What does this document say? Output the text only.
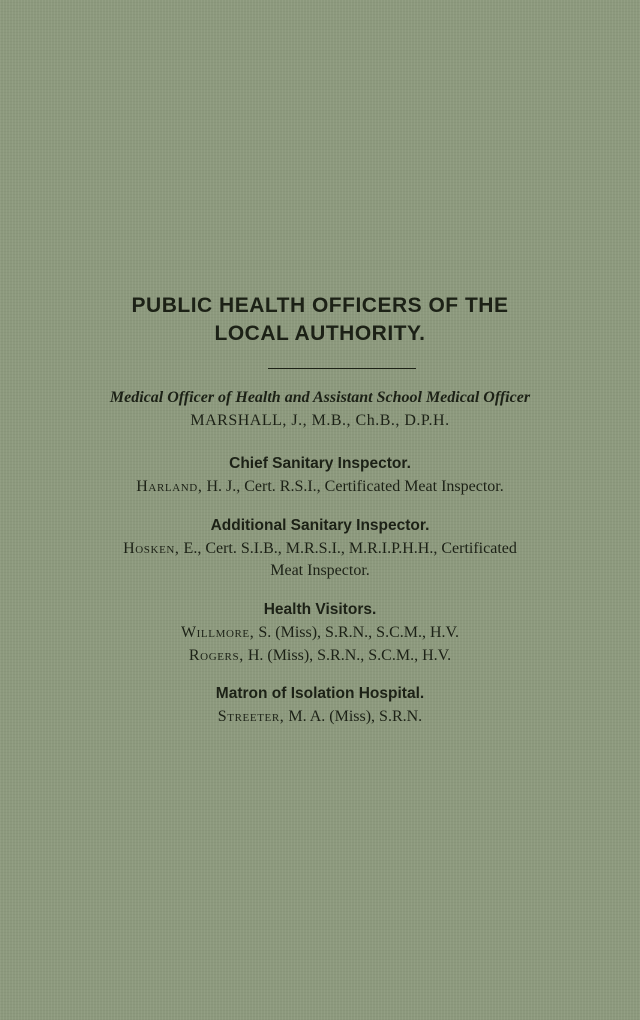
PUBLIC HEALTH OFFICERS OF THE
LOCAL AUTHORITY.
Medical Officer of Health and Assistant School Medical Officer
MARSHALL, J., M.B., Ch.B., D.P.H.
Chief Sanitary Inspector.
Harland, H. J., Cert. R.S.I., Certificated Meat Inspector.
Additional Sanitary Inspector.
Hosken, E., Cert. S.I.B., M.R.S.I., M.R.I.P.H.H., Certificated
Meat Inspector.
Health Visitors.
Willmore, S. (Miss), S.R.N., S.C.M., H.V.
Rogers, H. (Miss), S.R.N., S.C.M., H.V.
Matron of Isolation Hospital.
Streeter, M. A. (Miss), S.R.N.
